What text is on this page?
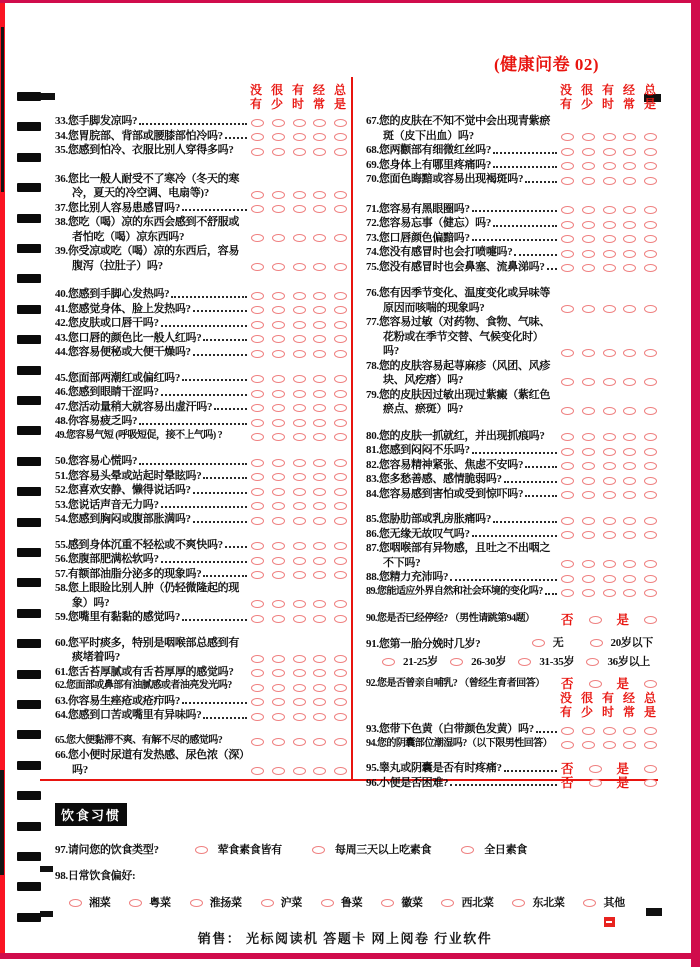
(健康问卷 02)
没 很 有 经 总
有 少 时 常 是
33.您手脚发凉吗?
34.您胃脘部、背部或腰膝部怕冷吗?
35.您感到怕冷、衣服比别人穿得多吗?
36.您比一般人耐受不了寒冷（冬天的寒冷，夏天的冷空调、电扇等)?
37.您比别人容易患感冒吗?
38.您吃（喝）凉的东西会感到不舒服或者怕吃（喝）凉东西吗?
39.你受凉或吃（喝）凉的东西后，容易腹泻（拉肚子）吗?
40.您感到手脚心发热吗?
41.您感觉身体、脸上发热吗?
42.您皮肤或口唇干吗?
43.您口唇的颜色比一般人红吗?
44.您容易便秘或大便干燥吗?
45.您面部两潮红或偏红吗?
46.您感到眼睛干涩吗?
47.您活动量稍大就容易出虚汗吗?
48.你容易疲乏吗?
49.您容易气短 (呼吸短促，接不上气吗) ?
50.您容易心慌吗?
51.您容易头晕或站起时晕眩吗?
52.您喜欢安静、懒得说话吗?
53.您说话声音无力吗?
54.您感到胸闷或腹部胀满吗?
55.感到身体沉重不轻松或不爽快吗?
56.您腹部肥满松软吗?
57.有额部油脂分泌多的现象吗?
58.您上眼睑比别人肿（仍轻微隆起的现象）吗?
59.您嘴里有黏黏的感觉吗?
60.您平时痰多，特别是咽喉部总感到有痰堵着吗?
61.您舌苔厚腻或有舌苔厚厚的感觉吗?
62.您面部或鼻部有油腻感或者油亮发光吗?
63.你容易生痤疮或疮疖吗?
64.您感到口苦或嘴里有异味吗?
65.您大便黏滞不爽、有解不尽的感觉吗?
66.您小便时尿道有发热感、尿色浓（深）吗?
没 很 有 经 总
有 少 时 常 是
67.您的皮肤在不知不觉中会出现青紫瘀斑（皮下出血）吗?
68.您两颧部有细微红丝吗?
69.您身体上有哪里疼痛吗?
70.您面色晦黯或容易出现褐斑吗?
71.您容易有黑眼圈吗?
72.您容易忘事（健忘）吗?
73.您口唇颜色偏黯吗?
74.您没有感冒时也会打喷嚏吗?
75.您没有感冒时也会鼻塞、流鼻涕吗?
76.您有因季节变化、温度变化或异味等原因而咳喘的现象吗?
77.您容易过敏（对药物、食物、气味、花粉或在季节交替、气候变化时）吗?
78.您的皮肤容易起荨麻疹（风团、风疹块、风疙瘩）吗?
79.您的皮肤因过敏出现过紫癜（紫红色瘀点、瘀斑）吗?
80.您的皮肤一抓就红，并出现抓痕吗?
81.您感到闷闷不乐吗?
82.您容易精神紧张、焦虑不安吗?
83.您多愁善感、感情脆弱吗?
84.您容易感到害怕或受到惊吓吗?
85.您胁肋部或乳房胀痛吗?
86.您无缘无故叹气吗?
87.您咽喉部有异物感，且吐之不出咽之不下吗?
88.您精力充沛吗?
89.您能适应外界自然和社会环境的变化吗?
90.您是否已经停经? （男性请跳第94题） 否	是
91.您第一胎分娩时几岁?	无	20岁以下
21-25岁	26-30岁	31-35岁	36岁以上
92.您是否曾亲自哺乳? （曾经生育者回答） 否	是
没 很 有 经 总
有 少 时 常 是
93.您带下色黄（白带颜色发黄）吗?
94.您的阴囊部位潮湿吗?（以下限男性回答）
95.睾丸或阴囊是否有时疼痛?	否	是
96.小便是否困难?	否	是
饮食习惯
97.请问您的饮食类型?	荤食素食皆有	每周三天以上吃素食	全日素食
98.日常饮食偏好:
湘菜	粤菜	淮扬菜	沪菜	鲁菜	徽菜	西北菜	东北菜	其他
销售： 光标阅读机 答题卡 网上阅卷 行业软件
